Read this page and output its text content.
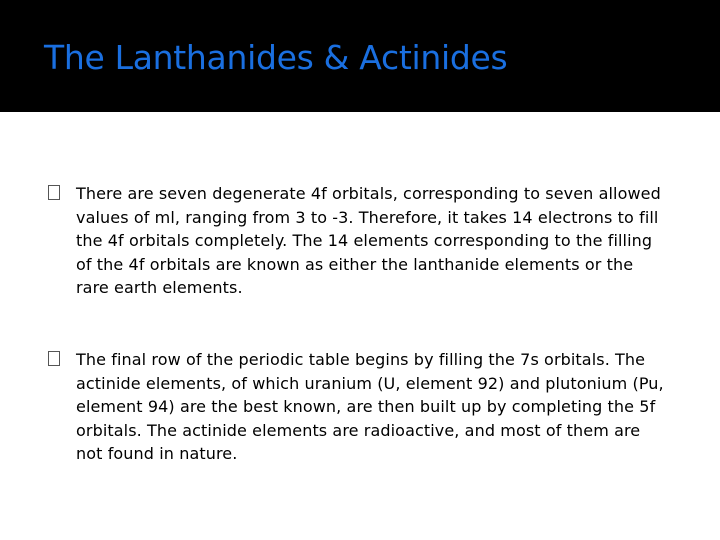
The Lanthanides & Actinides

There are seven degenerate 4f orbitals, corresponding to seven allowed values of ml, ranging from 3 to -3. Therefore, it takes 14 electrons to fill the 4f orbitals completely. The 14 elements corresponding to the filling of the 4f orbitals are known as either the lanthanide elements or the rare earth elements.

The final row of the periodic table begins by filling the 7s orbitals. The actinide elements, of which uranium (U, element 92) and plutonium (Pu, element 94) are the best known, are then built up by completing the 5f orbitals. The actinide elements are radioactive, and most of them are not found in nature.
